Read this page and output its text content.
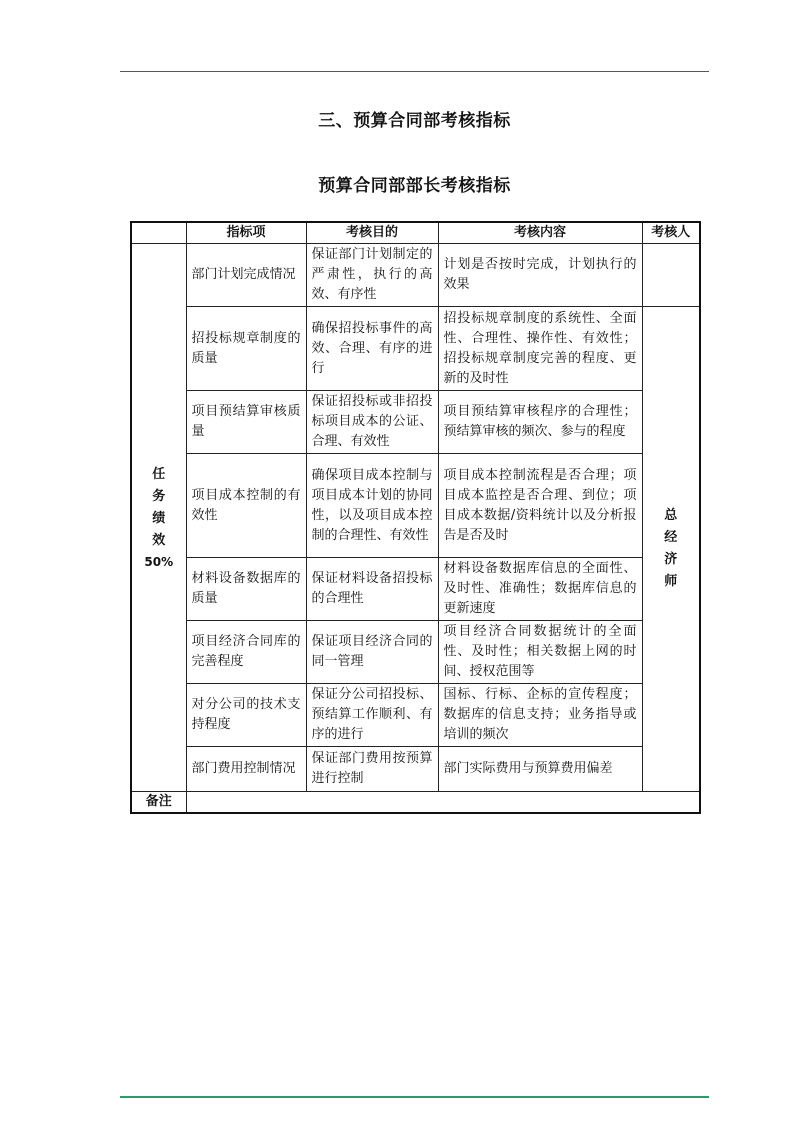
三、预算合同部考核指标
预算合同部部长考核指标
	指标项	考核目的	考核内容	考核人
任务绩效
50%	部门计划完成情况	保证部门计划制定的严肃性，执行的高效、有序性	计划是否按时完成，计划执行的效果	
	招投标规章制度的质量	确保招投标事件的高效、合理、有序的进行	招投标规章制度的系统性、全面性、合理性、操作性、有效性；招投标规章制度完善的程度、更新的及时性	总经济师
	项目预结算审核质量	保证招投标或非招投标项目成本的公证、合理、有效性	项目预结算审核程序的合理性；预结算审核的频次、参与的程度	
	项目成本控制的有效性	确保项目成本控制与项目成本计划的协同性，以及项目成本控制的合理性、有效性	项目成本控制流程是否合理；项目成本监控是否合理、到位；项目成本数据/资料统计以及分析报告是否及时	
	材料设备数据库的质量	保证材料设备招投标的合理性	材料设备数据库信息的全面性、及时性、准确性；数据库信息的更新速度	
	项目经济合同库的完善程度	保证项目经济合同的同一管理	项目经济合同数据统计的全面性、及时性；相关数据上网的时间、授权范围等	
	对分公司的技术支持程度	保证分公司招投标、预结算工作顺利、有序的进行	国标、行标、企标的宣传程度；数据库的信息支持；业务指导或培训的频次	
	部门费用控制情况	保证部门费用按预算进行控制	部门实际费用与预算费用偏差	
备注				
